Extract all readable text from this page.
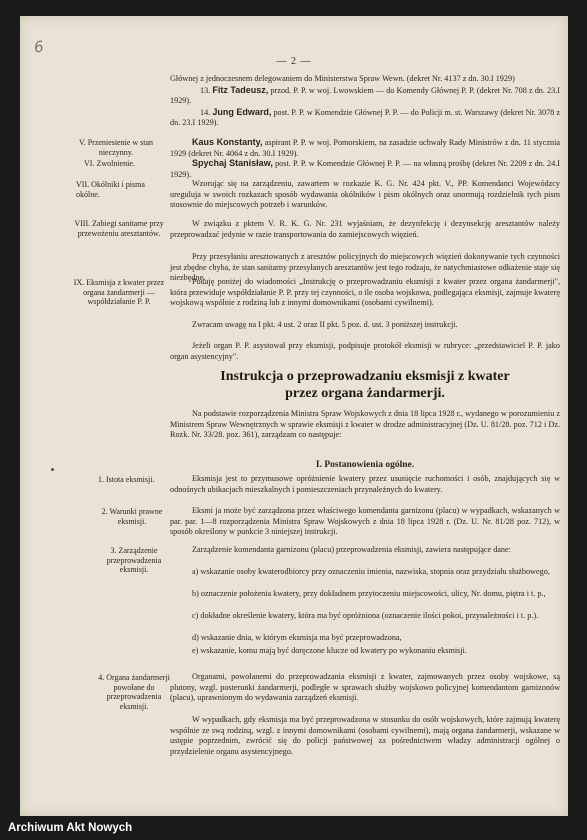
6
— 2 —
Głównej z jednoczesnem delegowaniem do Ministerstwa Spraw Wewn. (dekret Nr. 4137 z dn. 30.I 1929)
13. Fitz Tadeusz, przod. P. P. w woj. Lwowskiem — do Komendy Głównej P. P. (dekret Nr. 708 z dn. 23.I 1929).
14. Jung Edward, post. P. P. w Komendzie Głównej P. P. — do Policji m. st. Warszawy (dekret Nr. 3078 z dn. 23.I 1929).
V. Przeniesienie w stan nieczynny.
Kaus Konstanty, aspirant P. P. w woj. Pomorskiem, na zasadzie uchwały Rady Ministrów z dn. 11 stycznia 1929 (dekret Nr. 4064 z dn. 30.I 1929).
VI. Zwolnienie.	Spychaj Stanisław, post. P. P. w Komendzie Głównej P. P. — na własną prośbę (dekret Nr. 2209 z dn. 24.I 1929).
VII. Okólniki i pisma okólne.
Wzorując się na zarządzeniu, zawartem w rozkazie K. G. Nr. 424 pkt. V., PP. Komendanci Wojewódzcy ureguluja w swoich rozkazach sposób wydawania okólników i pism okólnych oraz unormują rozdzielnik tych pism stosownie do miejscowych potrzeb i warunków.
VIII. Zabiegi sanitarne przy przewożeniu aresztantów.
W związku z pktem V. R. K. G. Nr. 231 wyjaśniam, że dezynfekcję i dezynsekcję aresztantów należy przeprowadzać jedynie w razie transportowania do zamiejscowych więzień.
Przy przesyłaniu aresztowanych z aresztów policyjnych do miejscowych więzień dokonywanie tych czynności jest zbędne chyba, że stan sanitarny przesyłanych aresztantów jest tego rodzaju, że natychmiastowe odkażenie staje się niezbędne.
IX. Eksmisja z kwater przez organa żandarmerji — współdziałanie P. P.
Podaję poniżej do wiadomości „Instrukcję o przeprowadzaniu eksmisji z kwater przez organa żandarmerji", która przewiduje współdziałanie P. P. przy tej czynności, o ile osoba wojskowa, podlegająca eksmisji, zajmuje kwaterę wojskową wspólnie z rodziną lub z innymi domownikami (osobami cywilnemi).
Zwracam uwagę na I pkt. 4 ust. 2 oraz II pkt. 5 poz. d. ust. 3 poniższej instrukcji.
Jeżeli organ P. P. asystował przy eksmisji, podpisuje protokół eksmisji w rubryce: „przedstawiciel P. P. jako organ asystencyjny".
Instrukcja o przeprowadzaniu eksmisji z kwater
przez organa żandarmerji.
Na podstawie rozporządzenia Ministra Spraw Wojskowych z dnia 18 lipca 1928 r., wydanego w porozumieniu z Ministrem Spraw Wewnętrznych w sprawie eksmisji z kwater w drodze administracyjnej (Dz. U. 81/28. poz. 712 i Dz. Rozk. Nr. 33/28. poz. 361), zarządzam co następuje:
I. Postanowienia ogólne.
1. Istota eksmisji.	Eksmisja jest to przymusowe opróżnienie kwatery przez usunięcie ruchomości i osób, znajdujących się w odnośnych ubikacjach mieszkalnych i pomieszczeniach przynależnych do kwatery.
2. Warunki prawne eksmisji.
Eksmi ja może być zarządzona przez właściwego komendanta garnizonu (placu) w wypadkach, wskazanych w par. par. 1—8 rozporządzenia Ministra Spraw Wojskowych z dnia 18 lipca 1928 r. (Dz. U. Nr. 81/28 poz. 712), w sposób określony w punkcie 3 niniejszej instrukcji.
3. Zarządzenie przeprowadzenia eksmisji.
Zarządzenie komendanta garnizonu (placu) przeprowadzenia eksmisji, zawiera następujące dane:
a) wskazanie osoby kwaterodbiorcy przy oznaczeniu imienia, nazwiska, stopnia oraz przydziału służbowego,
b) oznaczenie położenia kwatery, przy dokładnem przytoczeniu miejscowości, ulicy, Nr. domu, piętra i t. p.,
c) dokładne określenie kwatery, która ma być opróżniona (oznaczenie ilości pokoi, przynależności i t. p.).
d) wskazanie dnia, w którym eksmisja ma być przeprowadzona,
e) wskazanie, komu mają być doręczone klucze od kwatery po wykonaniu eksmisji.
4. Organa żandarmerji powołane do przeprowadzenia eksmisji.
Organami, powołanemi do przeprowadzania eksmisji z kwater, zajmowanych przez osoby wojskowe, są plutony, wzgl. posterunki żandarmerji, podległe w sprawach służby wojskowo policyjnej komendantom garnizonów (placu), uprawnionym do wydawania zarządzeń eksmisji.
W wypadkach, gdy eksmisja ma być przeprowadzona w stosunku do osób wojskowych, które zajmują kwaterę wspólnie ze swą rodziną, wzgl. z innymi domownikami (osobami cywilnemi), mają organa żandarmerji, wskazane w ustępie poprzednim, zwrócić się do policji państwowej za pośrednictwem władzy administracji ogólnej o przydzielenie organu asystencyjnego.
Archiwum Akt Nowych
